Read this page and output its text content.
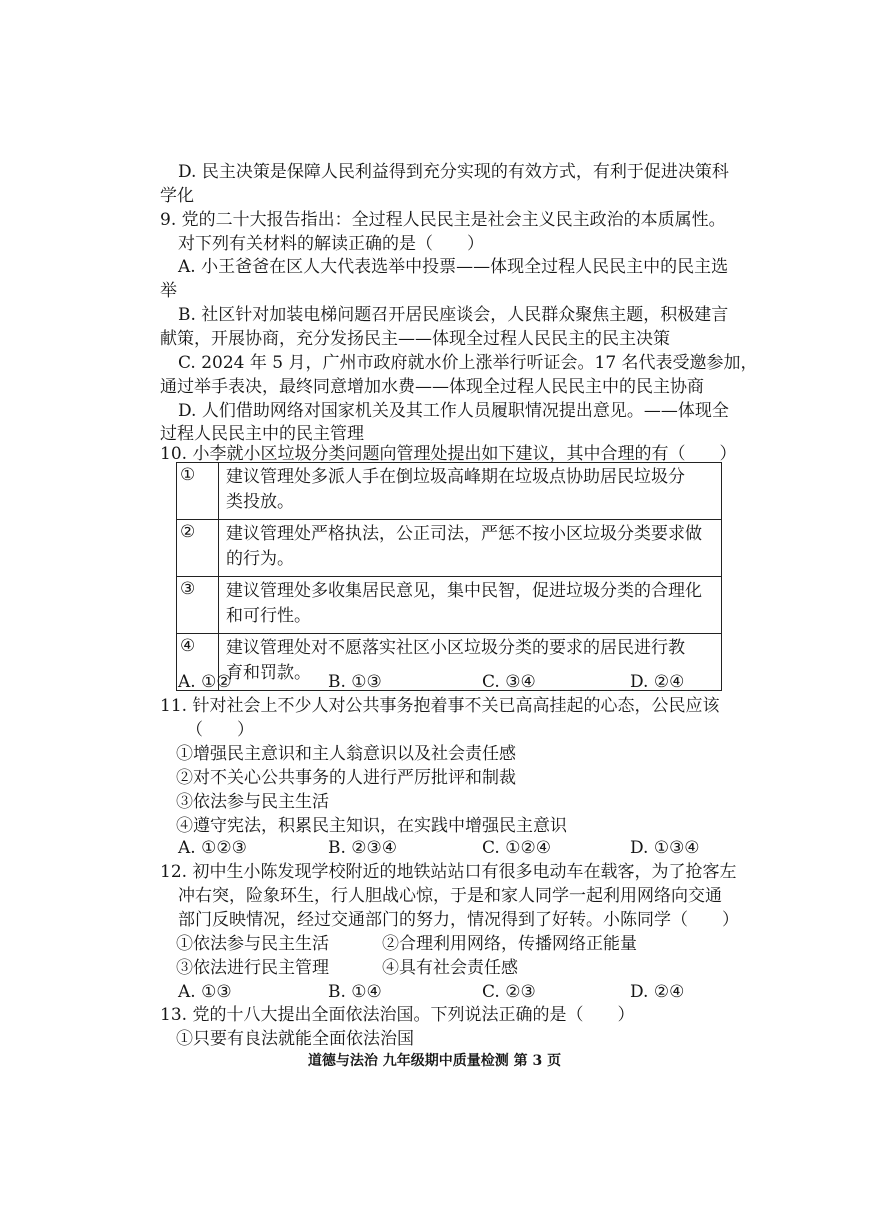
D. 民主决策是保障人民利益得到充分实现的有效方式，有利于促进决策科
学化
9. 党的二十大报告指出：全过程人民民主是社会主义民主政治的本质属性。
对下列有关材料的解读正确的是（　　）
A. 小王爸爸在区人大代表选举中投票——体现全过程人民民主中的民主选
举
B. 社区针对加装电梯问题召开居民座谈会，人民群众聚焦主题，积极建言
献策，开展协商，充分发扬民主——体现全过程人民民主的民主决策
C. 2024 年 5 月，广州市政府就水价上涨举行听证会。17 名代表受邀参加，
通过举手表决，最终同意增加水费——体现全过程人民民主中的民主协商
D. 人们借助网络对国家机关及其工作人员履职情况提出意见。——体现全
过程人民民主中的民主管理
10. 小李就小区垃圾分类问题向管理处提出如下建议，其中合理的有（　　）
①	建议管理处多派人手在倒垃圾高峰期在垃圾点协助居民垃圾分
类投放。

②	建议管理处严格执法，公正司法，严惩不按小区垃圾分类要求做
的行为。

③	建议管理处多收集居民意见，集中民智，促进垃圾分类的合理化
和可行性。

④	建议管理处对不愿落实社区小区垃圾分类的要求的居民进行教
育和罚款。
A. ①②	B. ①③	C. ③④	D. ②④
11. 针对社会上不少人对公共事务抱着事不关已高高挂起的心态，公民应该
（　　）
①增强民主意识和主人翁意识以及社会责任感
②对不关心公共事务的人进行严厉批评和制裁
③依法参与民主生活
④遵守宪法，积累民主知识，在实践中增强民主意识
A. ①②③	B. ②③④	C. ①②④	D. ①③④
12. 初中生小陈发现学校附近的地铁站站口有很多电动车在载客，为了抢客左
冲右突，险象环生，行人胆战心惊，于是和家人同学一起利用网络向交通
部门反映情况，经过交通部门的努力，情况得到了好转。小陈同学（　　）
①依法参与民主生活	②合理利用网络，传播网络正能量
③依法进行民主管理	④具有社会责任感
A. ①③	B. ①④	C. ②③	D. ②④
13. 党的十八大提出全面依法治国。下列说法正确的是（　　）
①只要有良法就能全面依法治国
道德与法治 九年级期中质量检测 第 3 页
